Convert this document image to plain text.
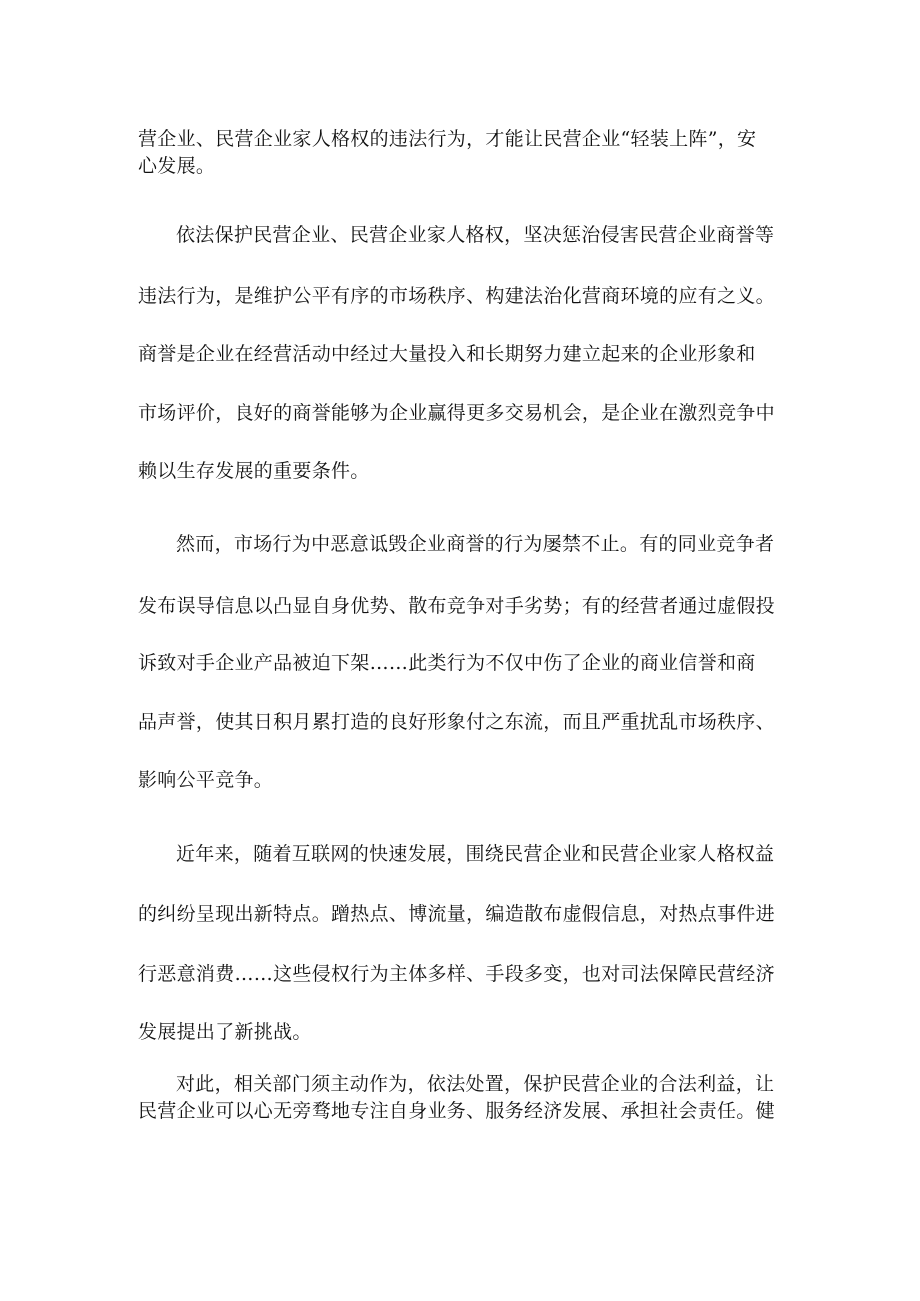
营企业、民营企业家人格权的违法行为，才能让民营企业“轻装上阵”，安
心发展。
依法保护民营企业、民营企业家人格权，坚决惩治侵害民营企业商誉等
违法行为，是维护公平有序的市场秩序、构建法治化营商环境的应有之义。
商誉是企业在经营活动中经过大量投入和长期努力建立起来的企业形象和
市场评价，良好的商誉能够为企业赢得更多交易机会，是企业在激烈竞争中
赖以生存发展的重要条件。
然而，市场行为中恶意诋毁企业商誉的行为屡禁不止。有的同业竞争者
发布误导信息以凸显自身优势、散布竞争对手劣势；有的经营者通过虚假投
诉致对手企业产品被迫下架……此类行为不仅中伤了企业的商业信誉和商
品声誉，使其日积月累打造的良好形象付之东流，而且严重扰乱市场秩序、
影响公平竞争。
近年来，随着互联网的快速发展，围绕民营企业和民营企业家人格权益
的纠纷呈现出新特点。蹭热点、博流量，编造散布虚假信息，对热点事件进
行恶意消费……这些侵权行为主体多样、手段多变，也对司法保障民营经济
发展提出了新挑战。
对此，相关部门须主动作为，依法处置，保护民营企业的合法利益，让
民营企业可以心无旁骛地专注自身业务、服务经济发展、承担社会责任。健
